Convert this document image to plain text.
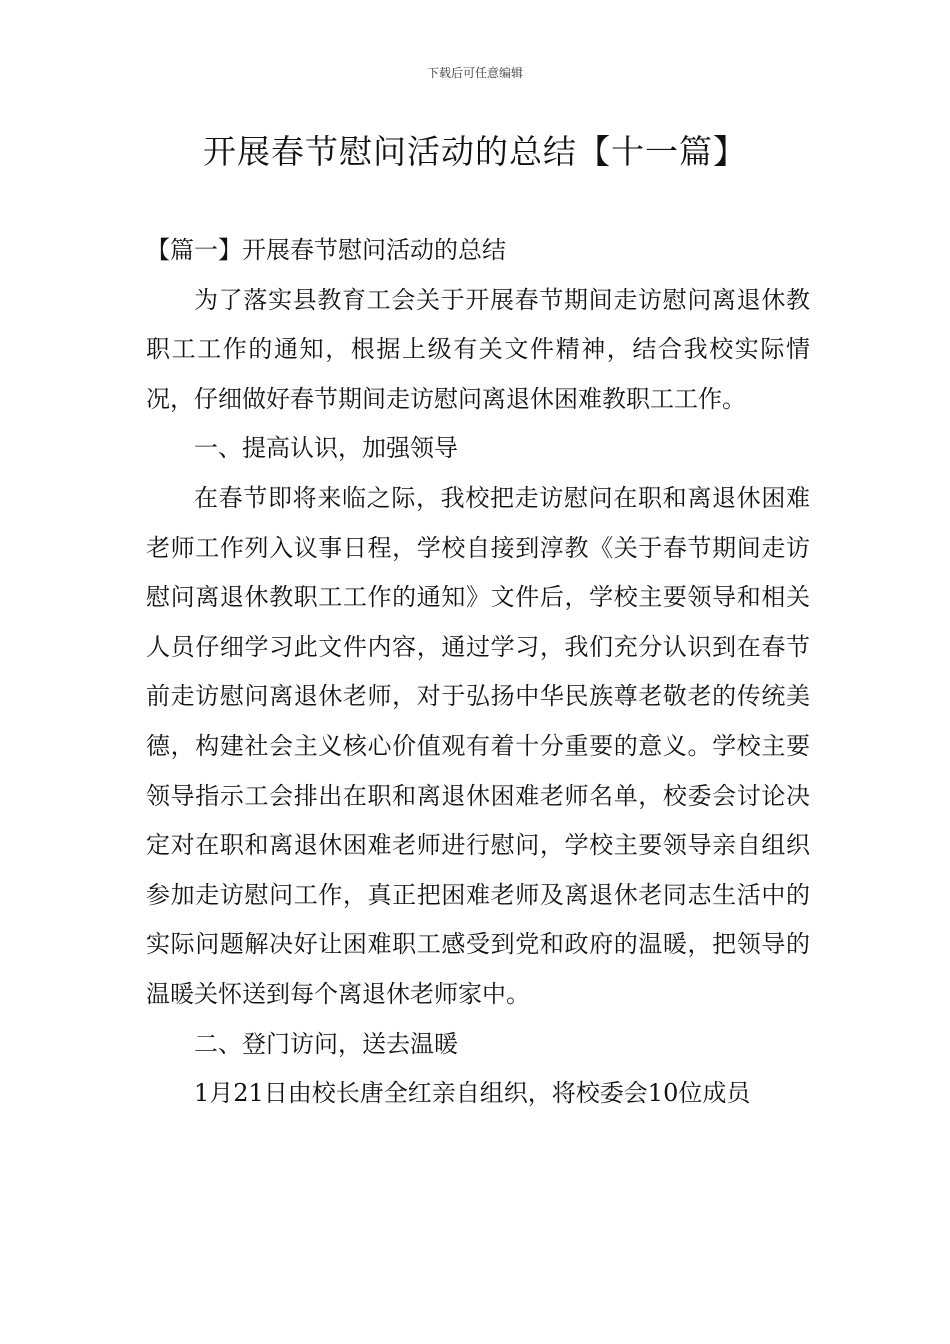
下载后可任意编辑
开展春节慰问活动的总结【十一篇】

【篇一】开展春节慰问活动的总结

为了落实县教育工会关于开展春节期间走访慰问离退休教职工工作的通知，根据上级有关文件精神，结合我校实际情况，仔细做好春节期间走访慰问离退休困难教职工工作。

一、提高认识，加强领导

在春节即将来临之际，我校把走访慰问在职和离退休困难老师工作列入议事日程，学校自接到淳教《关于春节期间走访慰问离退休教职工工作的通知》文件后，学校主要领导和相关人员仔细学习此文件内容，通过学习，我们充分认识到在春节前走访慰问离退休老师，对于弘扬中华民族尊老敬老的传统美德，构建社会主义核心价值观有着十分重要的意义。学校主要领导指示工会排出在职和离退休困难老师名单，校委会讨论决定对在职和离退休困难老师进行慰问，学校主要领导亲自组织参加走访慰问工作，真正把困难老师及离退休老同志生活中的实际问题解决好让困难职工感受到党和政府的温暖，把领导的温暖关怀送到每个离退休老师家中。

二、登门访问，送去温暖

1月21日由校长唐全红亲自组织，将校委会10位成员
